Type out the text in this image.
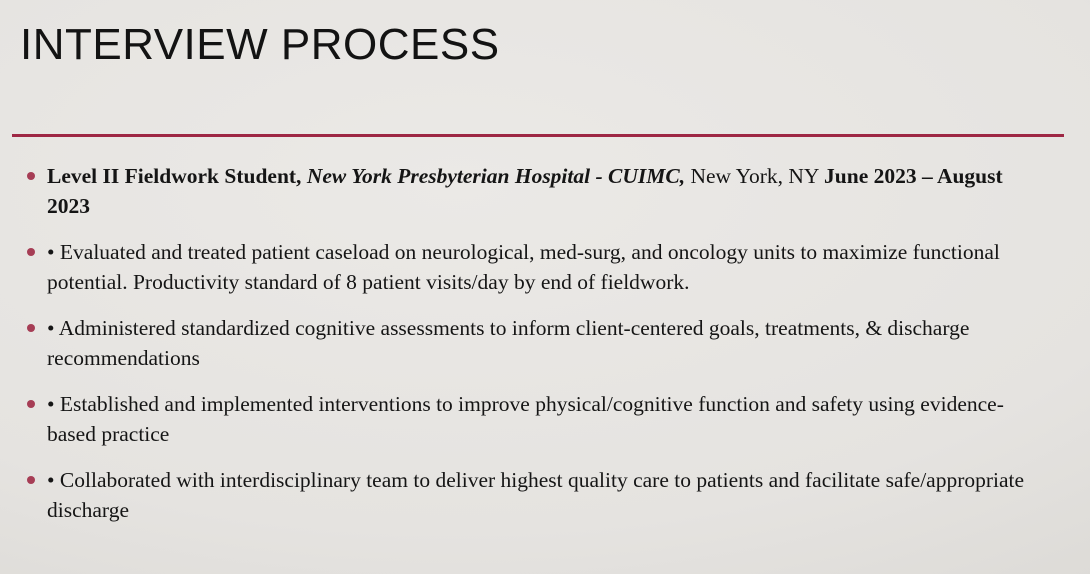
INTERVIEW PROCESS

Level II Fieldwork Student, New York Presbyterian Hospital - CUIMC, New York, NY June 2023 – August 2023

• Evaluated and treated patient caseload on neurological, med-surg, and oncology units to maximize functional potential. Productivity standard of 8 patient visits/day by end of fieldwork.

• Administered standardized cognitive assessments to inform client-centered goals, treatments, & discharge recommendations

• Established and implemented interventions to improve physical/cognitive function and safety using evidence-based practice

• Collaborated with interdisciplinary team to deliver highest quality care to patients and facilitate safe/appropriate discharge
